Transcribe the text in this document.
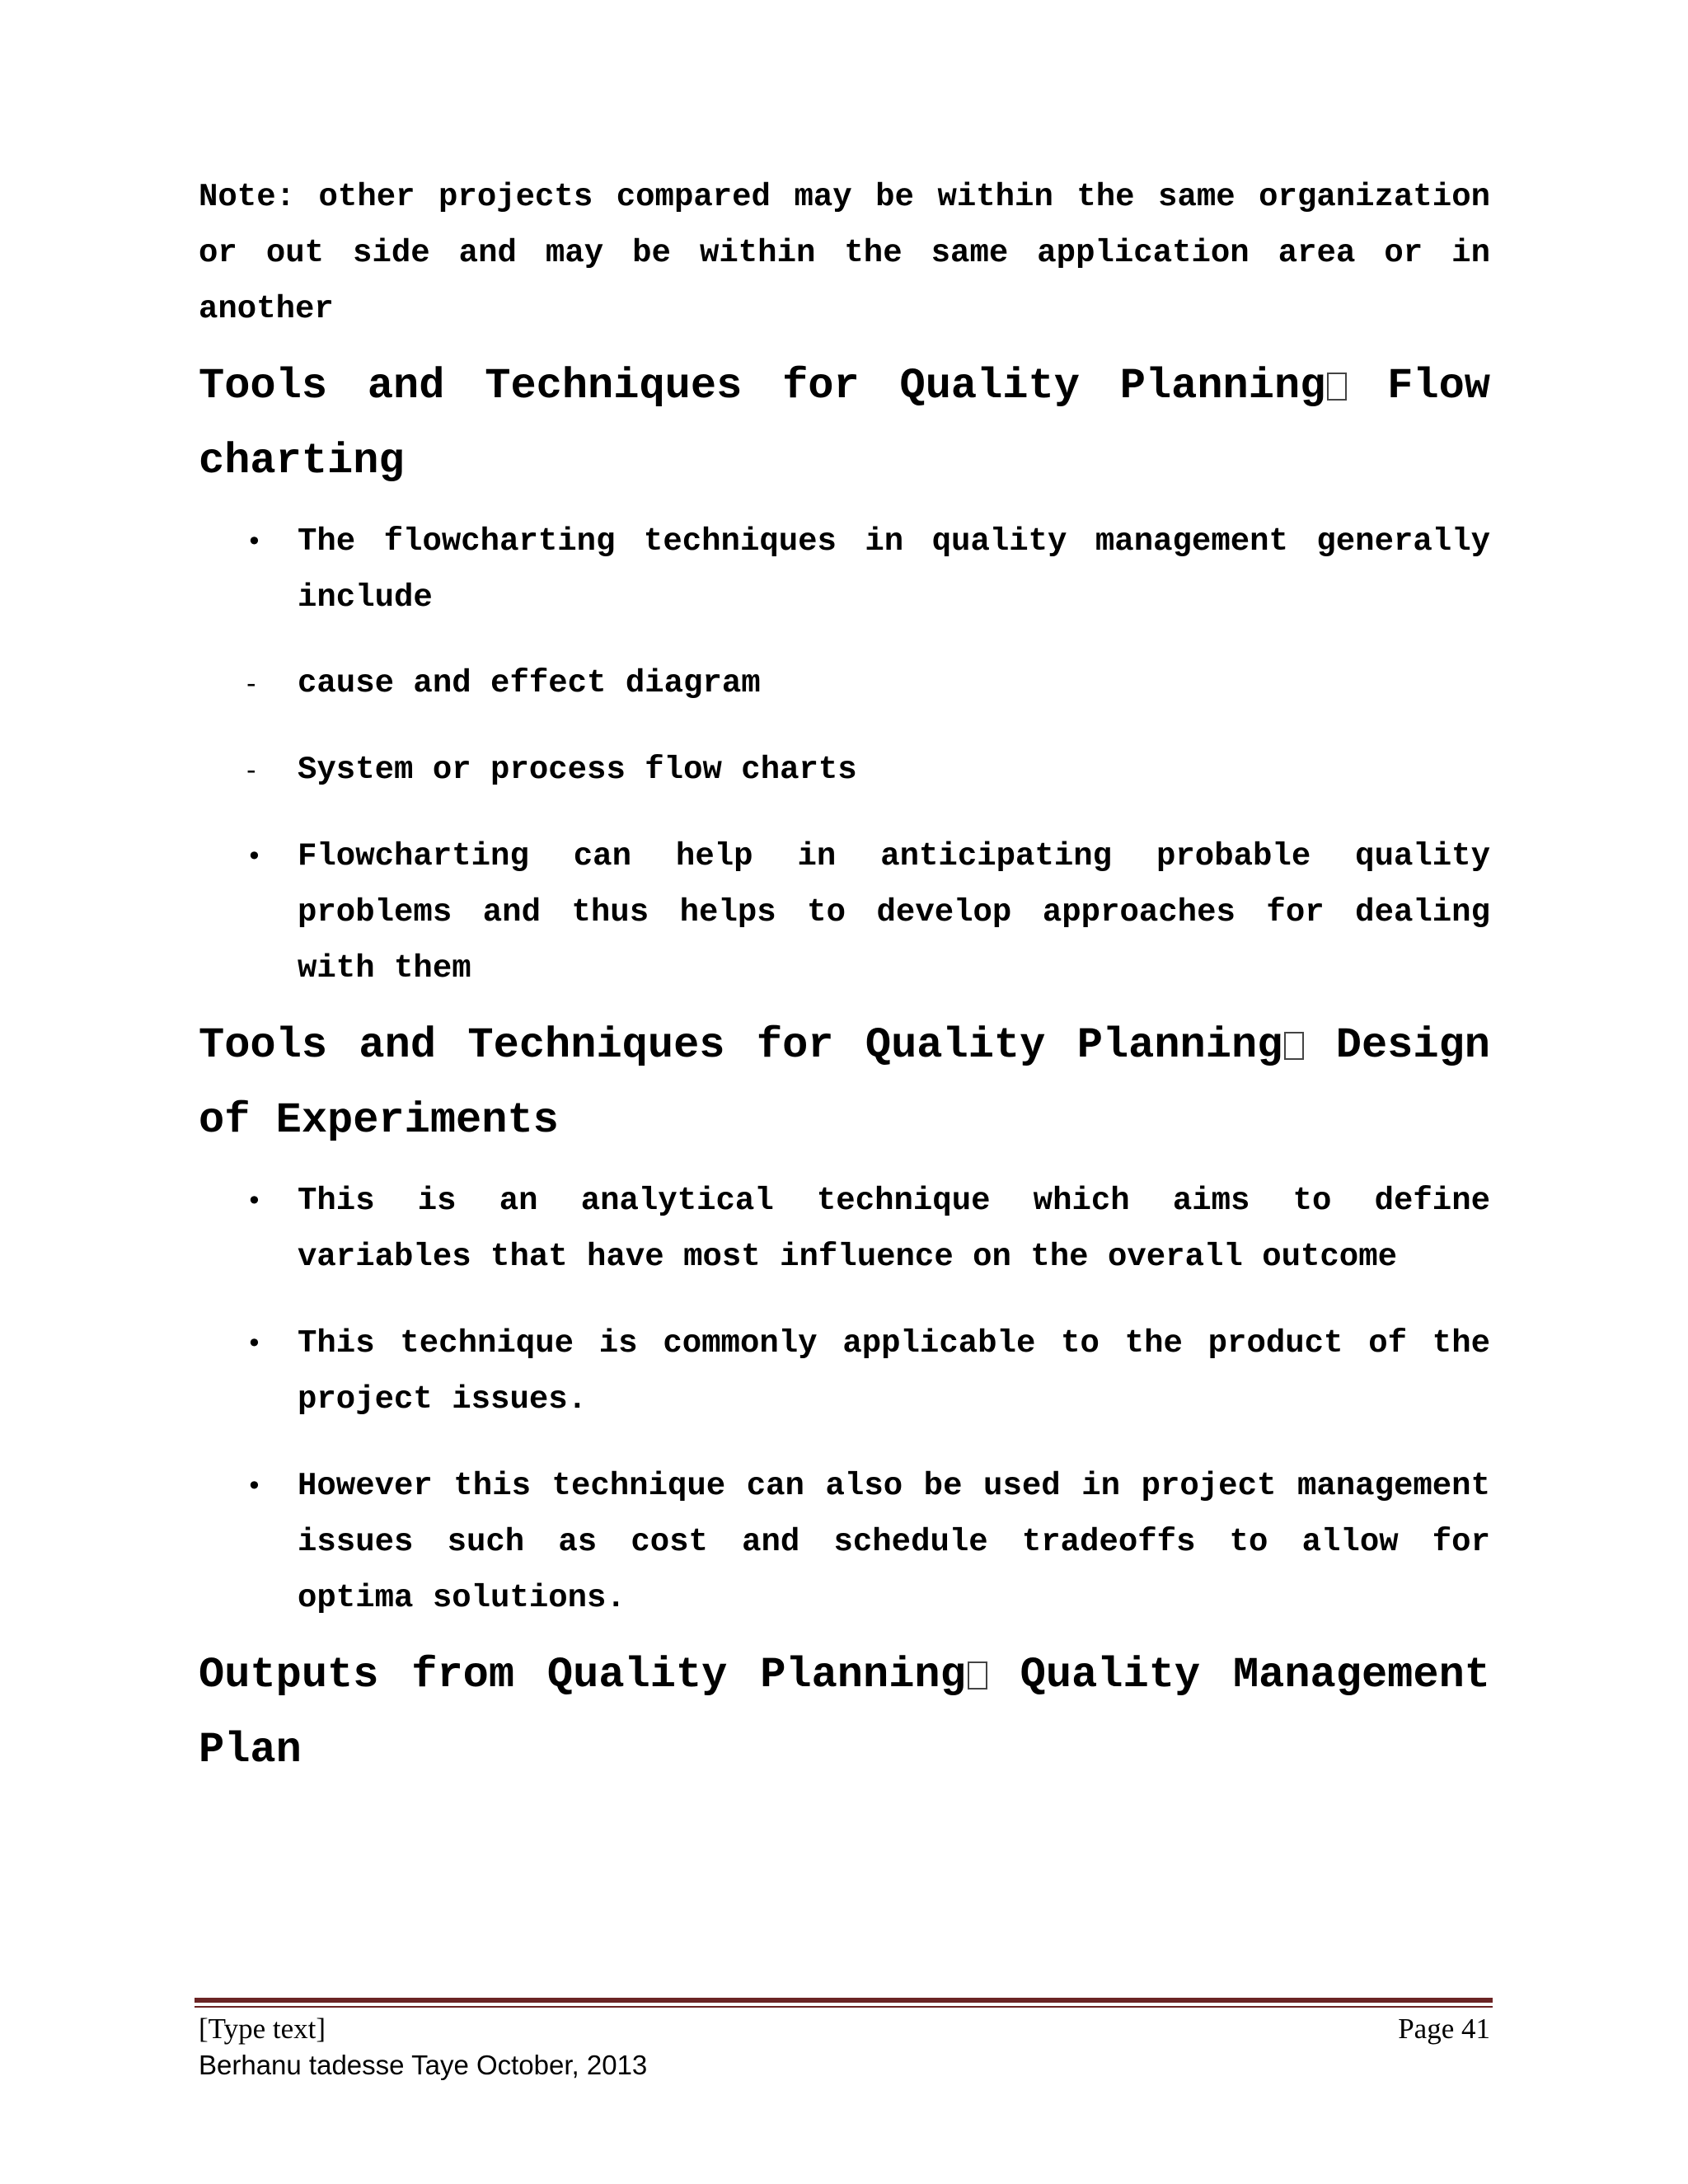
Note: other projects compared may be within the same organization or out side and may be within the same application area or in another

Tools and Techniques for Quality Planning Flow charting
• The flowcharting techniques in quality management generally include
- cause and effect diagram
- System or process flow charts
• Flowcharting can help in anticipating probable quality problems and thus helps to develop approaches for dealing with them
Tools and Techniques for Quality Planning Design of Experiments
• This is an analytical technique which aims to define variables that have most influence on the overall outcome
• This technique is commonly applicable to the product of the project issues.
• However this technique can also be used in project management issues such as cost and schedule tradeoffs to allow for optima solutions.
Outputs from Quality Planning Quality Management Plan
[Type text]	Page 41
Berhanu tadesse Taye October, 2013
